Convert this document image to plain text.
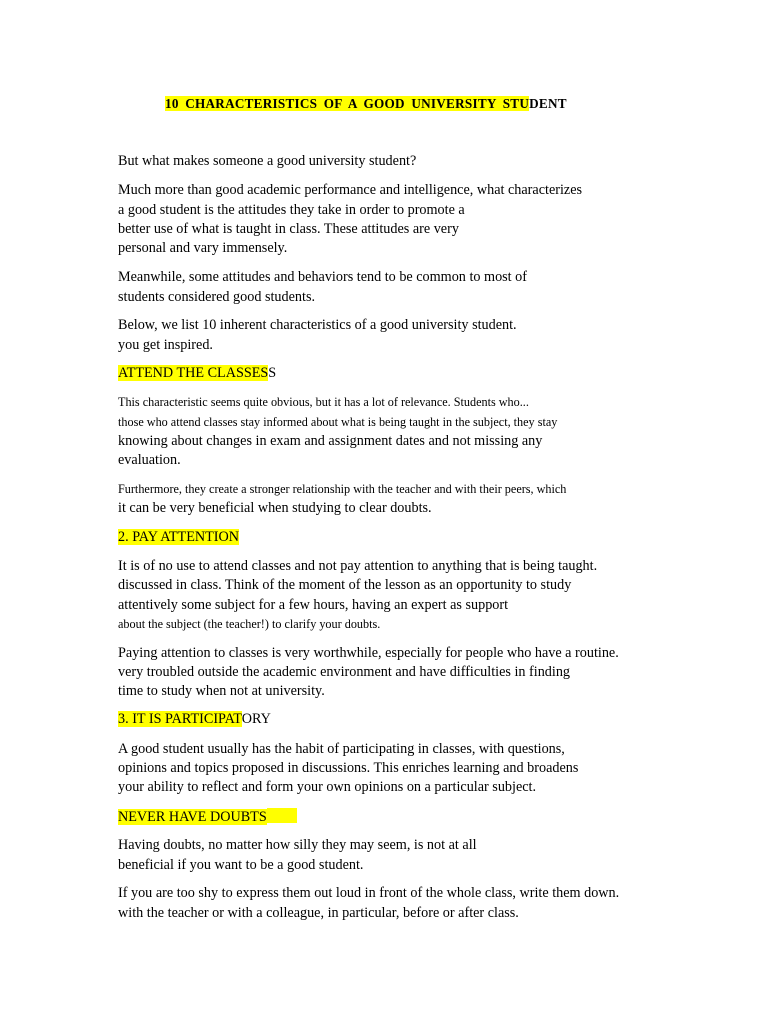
10 CHARACTERISTICS OF A GOOD UNIVERSITY STUDENT
But what makes someone a good university student?
Much more than good academic performance and intelligence, what characterizes
a good student is the attitudes they take in order to promote a
better use of what is taught in class. These attitudes are very
personal and vary immensely.
Meanwhile, some attitudes and behaviors tend to be common to most of
students considered good students.
Below, we list 10 inherent characteristics of a good university student.
you get inspired.
ATTEND THE CLASSESS
This characteristic seems quite obvious, but it has a lot of relevance. Students who...
those who attend classes stay informed about what is being taught in the subject, they stay
knowing about changes in exam and assignment dates and not missing any
evaluation.
Furthermore, they create a stronger relationship with the teacher and with their peers, which
it can be very beneficial when studying to clear doubts.
2. PAY ATTENTION
It is of no use to attend classes and not pay attention to anything that is being taught.
discussed in class. Think of the moment of the lesson as an opportunity to study
attentively some subject for a few hours, having an expert as support
about the subject (the teacher!) to clarify your doubts.
Paying attention to classes is very worthwhile, especially for people who have a routine.
very troubled outside the academic environment and have difficulties in finding
time to study when not at university.
3. IT IS PARTICIPATORY
A good student usually has the habit of participating in classes, with questions,
opinions and topics proposed in discussions. This enriches learning and broadens
your ability to reflect and form your own opinions on a particular subject.
NEVER HAVE DOUBTS
Having doubts, no matter how silly they may seem, is not at all
beneficial if you want to be a good student.
If you are too shy to express them out loud in front of the whole class, write them down.
with the teacher or with a colleague, in particular, before or after class.
